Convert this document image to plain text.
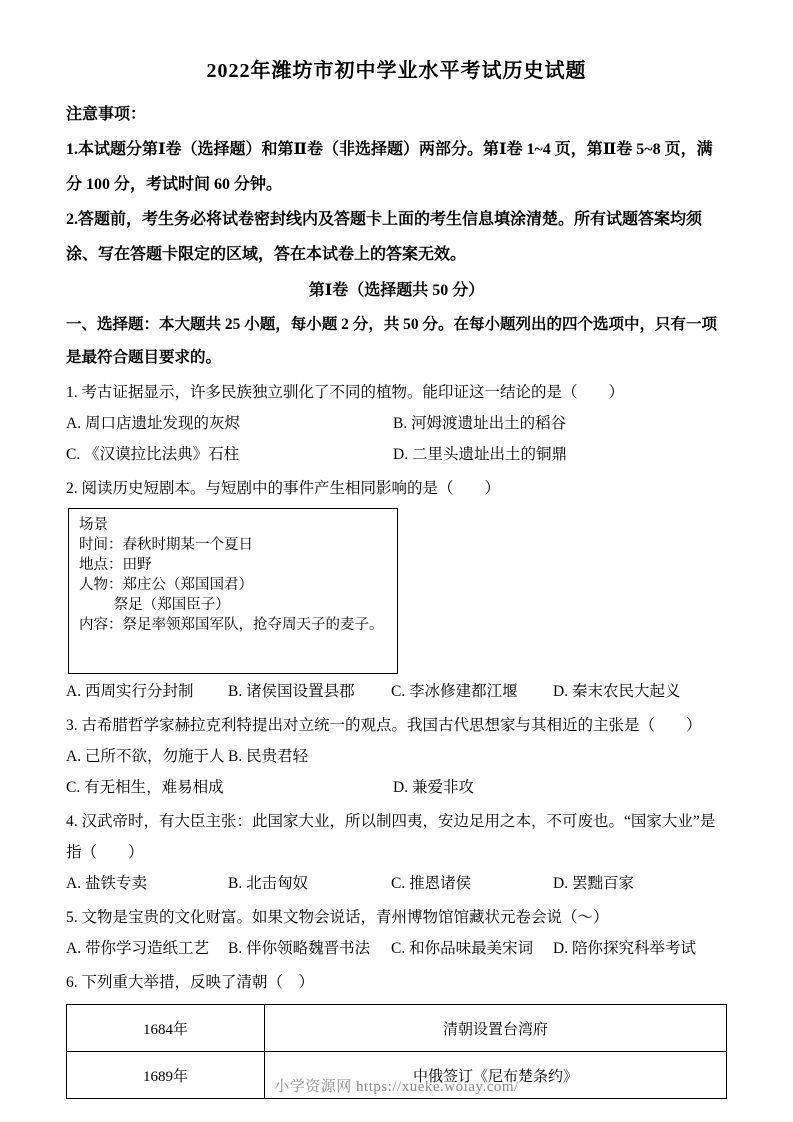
2022年潍坊市初中学业水平考试历史试题

注意事项：

1.本试题分第Ⅰ卷（选择题）和第Ⅱ卷（非选择题）两部分。第Ⅰ卷 1~4 页，第Ⅱ卷 5~8 页，满分 100 分，考试时间 60 分钟。

2.答题前，考生务必将试卷密封线内及答题卡上面的考生信息填涂清楚。所有试题答案均须涂、写在答题卡限定的区域，答在本试卷上的答案无效。

第Ⅰ卷（选择题共 50 分）

一、选择题：本大题共 25 小题，每小题 2 分，共 50 分。在每小题列出的四个选项中，只有一项是最符合题目要求的。

1. 考古证据显示，许多民族独立驯化了不同的植物。能印证这一结论的是（　　）

A. 周口店遗址发现的灰烬	B. 河姆渡遗址出土的稻谷
C. 《汉谟拉比法典》石柱	D. 二里头遗址出土的铜鼎

2. 阅读历史短剧本。与短剧中的事件产生相同影响的是（　　）

场景

时间：春秋时期某一个夏日

地点：田野

人物：郑庄公（郑国国君）

祭足（郑国臣子）

内容：祭足率领郑国军队，抢夺周天子的麦子。

A. 西周实行分封制	B. 诸侯国设置县郡	C. 李冰修建都江堰	D. 秦末农民大起义

3. 古希腊哲学家赫拉克利特提出对立统一的观点。我国古代思想家与其相近的主张是（　　）

A. 己所不欲，勿施于人 B. 民贵君轻
C. 有无相生，难易相成	D. 兼爱非攻

4. 汉武帝时，有大臣主张：此国家大业，所以制四夷，安边足用之本，不可废也。“国家大业”是指（　　）

A. 盐铁专卖	B. 北击匈奴	C. 推恩诸侯	D. 罢黜百家

5. 文物是宝贵的文化财富。如果文物会说话，青州博物馆馆藏状元卷会说（～）

A. 带你学习造纸工艺	B. 伴你领略魏晋书法	C. 和你品味最美宋词	D. 陪你探究科举考试

6. 下列重大举措，反映了清朝（　）

1684年	清朝设置台湾府
1689年	中俄签订《尼布楚条约》
小学资源网 https://xueke.woiay.com/
